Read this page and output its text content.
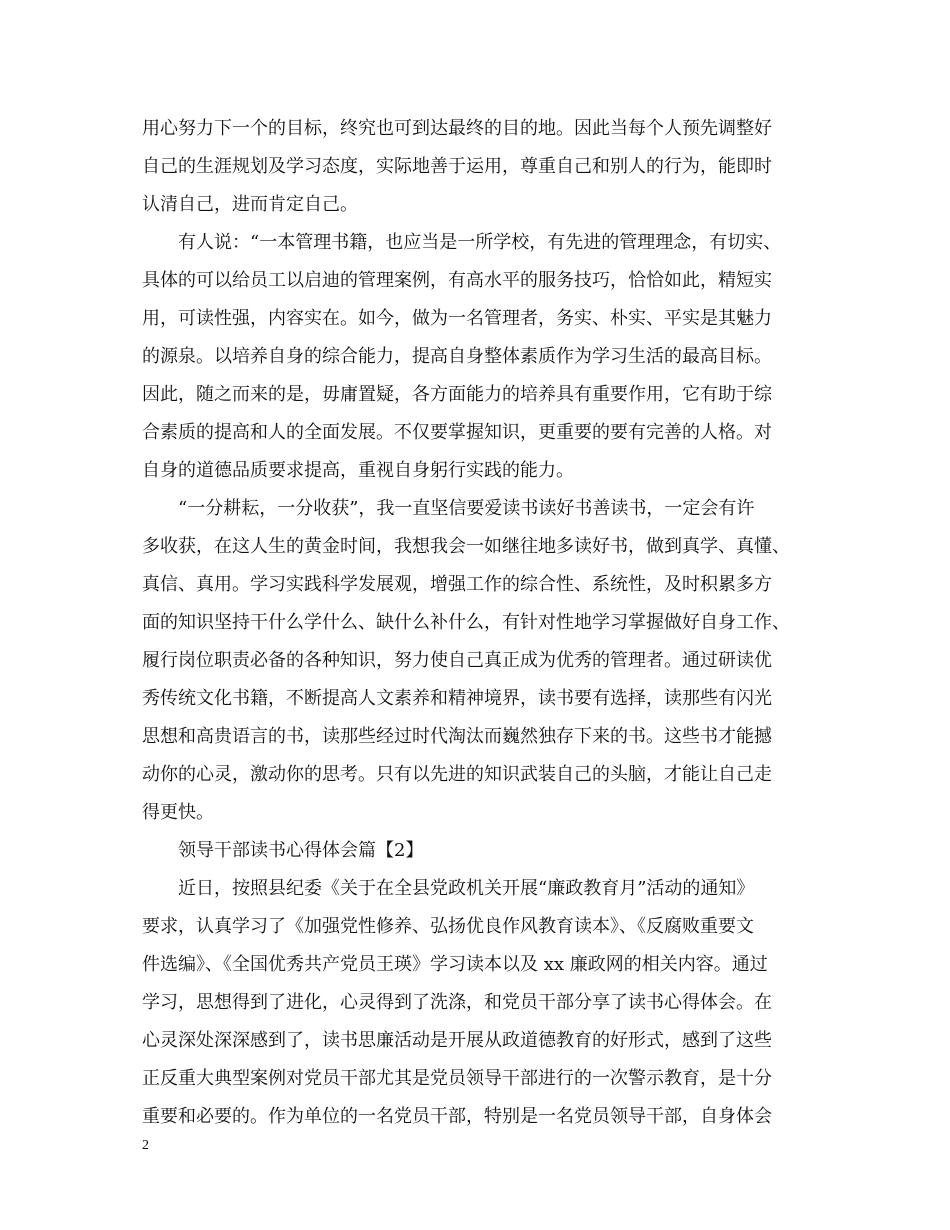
用心努力下一个的目标，终究也可到达最终的目的地。因此当每个人预先调整好

自己的生涯规划及学习态度，实际地善于运用，尊重自己和别人的行为，能即时

认清自己，进而肯定自己。

　　有人说：“一本管理书籍，也应当是一所学校，有先进的管理理念，有切实、

具体的可以给员工以启迪的管理案例，有高水平的服务技巧，恰恰如此，精短实

用，可读性强，内容实在。如今，做为一名管理者，务实、朴实、平实是其魅力

的源泉。以培养自身的综合能力，提高自身整体素质作为学习生活的最高目标。

因此，随之而来的是，毋庸置疑，各方面能力的培养具有重要作用，它有助于综

合素质的提高和人的全面发展。不仅要掌握知识，更重要的要有完善的人格。对

自身的道德品质要求提高，重视自身躬行实践的能力。

　　“一分耕耘，一分收获”，我一直坚信要爱读书读好书善读书，一定会有许

多收获，在这人生的黄金时间，我想我会一如继往地多读好书，做到真学、真懂、

真信、真用。学习实践科学发展观，增强工作的综合性、系统性，及时积累多方

面的知识坚持干什么学什么、缺什么补什么，有针对性地学习掌握做好自身工作、

履行岗位职责必备的各种知识，努力使自己真正成为优秀的管理者。通过研读优

秀传统文化书籍，不断提高人文素养和精神境界，读书要有选择，读那些有闪光

思想和高贵语言的书，读那些经过时代淘汰而巍然独存下来的书。这些书才能撼

动你的心灵，激动你的思考。只有以先进的知识武装自己的头脑，才能让自己走

得更快。

　　领导干部读书心得体会篇【2】

　　近日，按照县纪委《关于在全县党政机关开展“廉政教育月”活动的通知》

要求，认真学习了《加强党性修养、弘扬优良作风教育读本》、《反腐败重要文

件选编》、《全国优秀共产党员王瑛》学习读本以及 xx 廉政网的相关内容。通过

学习，思想得到了进化，心灵得到了洗涤，和党员干部分享了读书心得体会。在

心灵深处深深感到了，读书思廉活动是开展从政道德教育的好形式，感到了这些

正反重大典型案例对党员干部尤其是党员领导干部进行的一次警示教育，是十分

重要和必要的。作为单位的一名党员干部，特别是一名党员领导干部，自身体会

2
